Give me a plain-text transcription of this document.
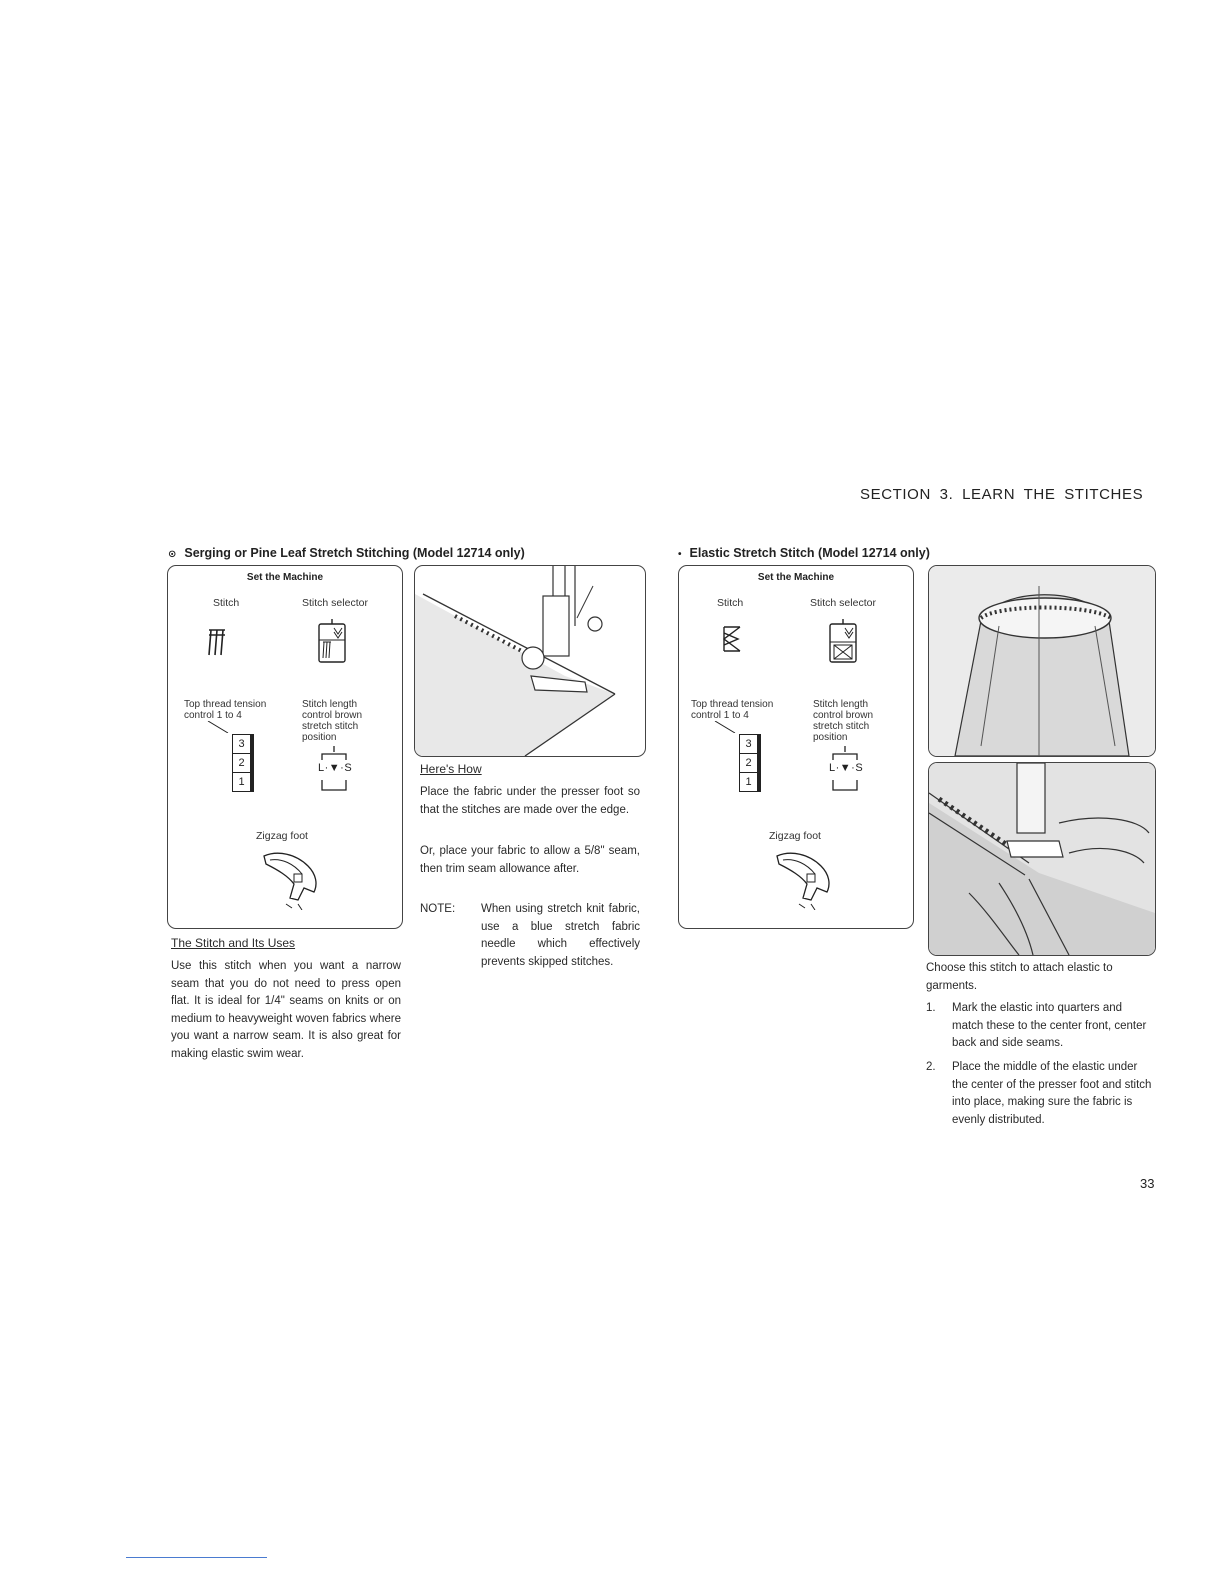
SECTION 3. LEARN THE STITCHES
⊙ Serging or Pine Leaf Stretch Stitching (Model 12714 only)
Set the Machine
Stitch	Stitch selector
Top thread tension control 1 to 4
Stitch length control brown stretch stitch position
3
2
1
L·▼·S
Zigzag foot
The Stitch and Its Uses

Use this stitch when you want a narrow seam that you do not need to press open flat. It is ideal for 1/4" seams on knits or on medium to heavyweight woven fabrics where you want a narrow seam. It is also great for making elastic swim wear.

Here's How

Place the fabric under the presser foot so that the stitches are made over the edge.

Or, place your fabric to allow a 5/8" seam, then trim seam allowance after.

NOTE: When using stretch knit fabric, use a blue stretch fabric needle which effectively prevents skipped stitches.

• Elastic Stretch Stitch (Model 12714 only)
Set the Machine
Stitch	Stitch selector
Top thread tension control 1 to 4
Stitch length control brown stretch stitch position
3
2
1
L·▼·S
Zigzag foot

Choose this stitch to attach elastic to garments.

1.	Mark the elastic into quarters and match these to the center front, center back and side seams.
2.	Place the middle of the elastic under the center of the presser foot and stitch into place, making sure the fabric is evenly distributed.
33
